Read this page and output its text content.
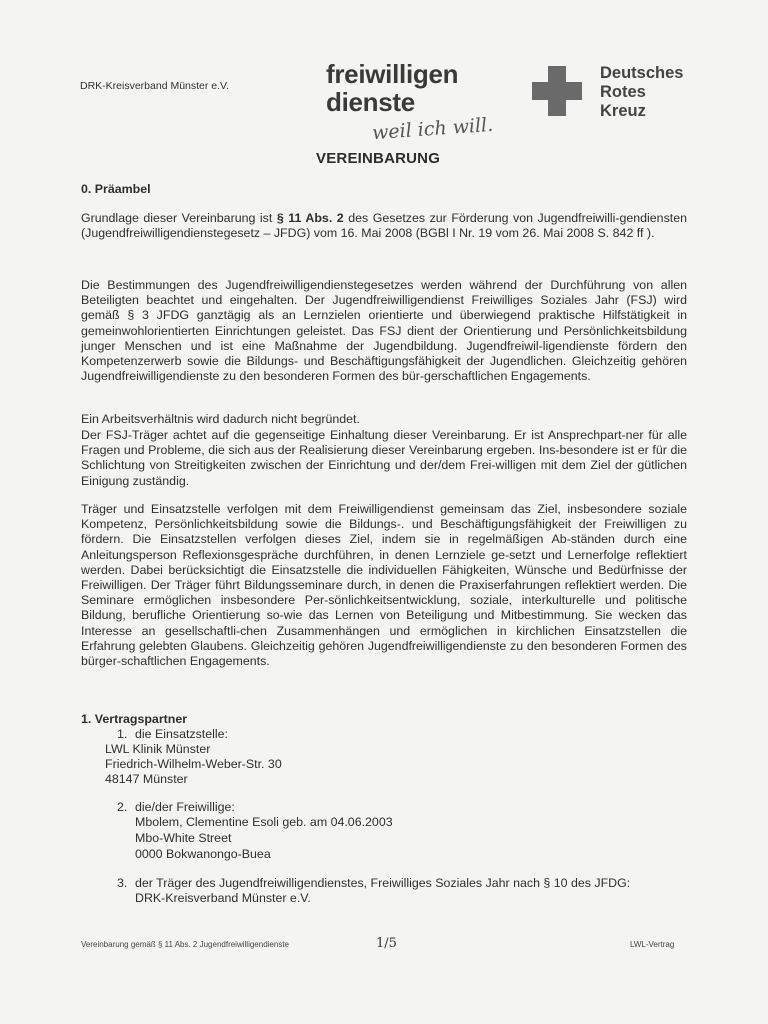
DRK-Kreisverband Münster e.V.	freiwilligen
dienste
weil ich will.
Deutsches
Rotes
Kreuz
VEREINBARUNG
0. Präambel
Grundlage dieser Vereinbarung ist § 11 Abs. 2 des Gesetzes zur Förderung von Jugendfreiwilli-gendiensten (Jugendfreiwilligendienstegesetz – JFDG) vom 16. Mai 2008 (BGBl I Nr. 19 vom 26. Mai 2008 S. 842 ff ).
Die Bestimmungen des Jugendfreiwilligendienstegesetzes werden während der Durchführung von allen Beteiligten beachtet und eingehalten. Der Jugendfreiwilligendienst Freiwilliges Soziales Jahr (FSJ) wird gemäß § 3 JFDG ganztägig als an Lernzielen orientierte und überwiegend praktische Hilfstätigkeit in gemeinwohlorientierten Einrichtungen geleistet. Das FSJ dient der Orientierung und Persönlichkeitsbildung junger Menschen und ist eine Maßnahme der Jugendbildung. Jugendfreiwil-ligendienste fördern den Kompetenzerwerb sowie die Bildungs- und Beschäftigungsfähigkeit der Jugendlichen. Gleichzeitig gehören Jugendfreiwilligendienste zu den besonderen Formen des bür-gerschaftlichen Engagements.
Ein Arbeitsverhältnis wird dadurch nicht begründet.
Der FSJ-Träger achtet auf die gegenseitige Einhaltung dieser Vereinbarung. Er ist Ansprechpart-ner für alle Fragen und Probleme, die sich aus der Realisierung dieser Vereinbarung ergeben. Ins-besondere ist er für die Schlichtung von Streitigkeiten zwischen der Einrichtung und der/dem Frei-willigen mit dem Ziel der gütlichen Einigung zuständig.
Träger und Einsatzstelle verfolgen mit dem Freiwilligendienst gemeinsam das Ziel, insbesondere soziale Kompetenz, Persönlichkeitsbildung sowie die Bildungs-. und Beschäftigungsfähigkeit der Freiwilligen zu fördern. Die Einsatzstellen verfolgen dieses Ziel, indem sie in regelmäßigen Ab-ständen durch eine Anleitungsperson Reflexionsgespräche durchführen, in denen Lernziele ge-setzt und Lernerfolge reflektiert werden. Dabei berücksichtigt die Einsatzstelle die individuellen Fähigkeiten, Wünsche und Bedürfnisse der Freiwilligen. Der Träger führt Bildungsseminare durch, in denen die Praxiserfahrungen reflektiert werden. Die Seminare ermöglichen insbesondere Per-sönlichkeitsentwicklung, soziale, interkulturelle und politische Bildung, berufliche Orientierung so-wie das Lernen von Beteiligung und Mitbestimmung. Sie wecken das Interesse an gesellschaftli-chen Zusammenhängen und ermöglichen in kirchlichen Einsatzstellen die Erfahrung gelebten Glaubens. Gleichzeitig gehören Jugendfreiwilligendienste zu den besonderen Formen des bürger-schaftlichen Engagements.
1. Vertragspartner
1. die Einsatzstelle:
LWL Klinik Münster
Friedrich-Wilhelm-Weber-Str. 30
48147 Münster
2. die/der Freiwillige:
Mbolem, Clementine Esoli geb. am 04.06.2003
Mbo-White Street
0000 Bokwanongo-Buea
3. der Träger des Jugendfreiwilligendienstes, Freiwilliges Soziales Jahr nach § 10 des JFDG:
DRK-Kreisverband Münster e.V.
Vereinbarung gemäß § 11 Abs. 2 Jugendfreiwilligendienste	1/5	LWL-Vertrag
